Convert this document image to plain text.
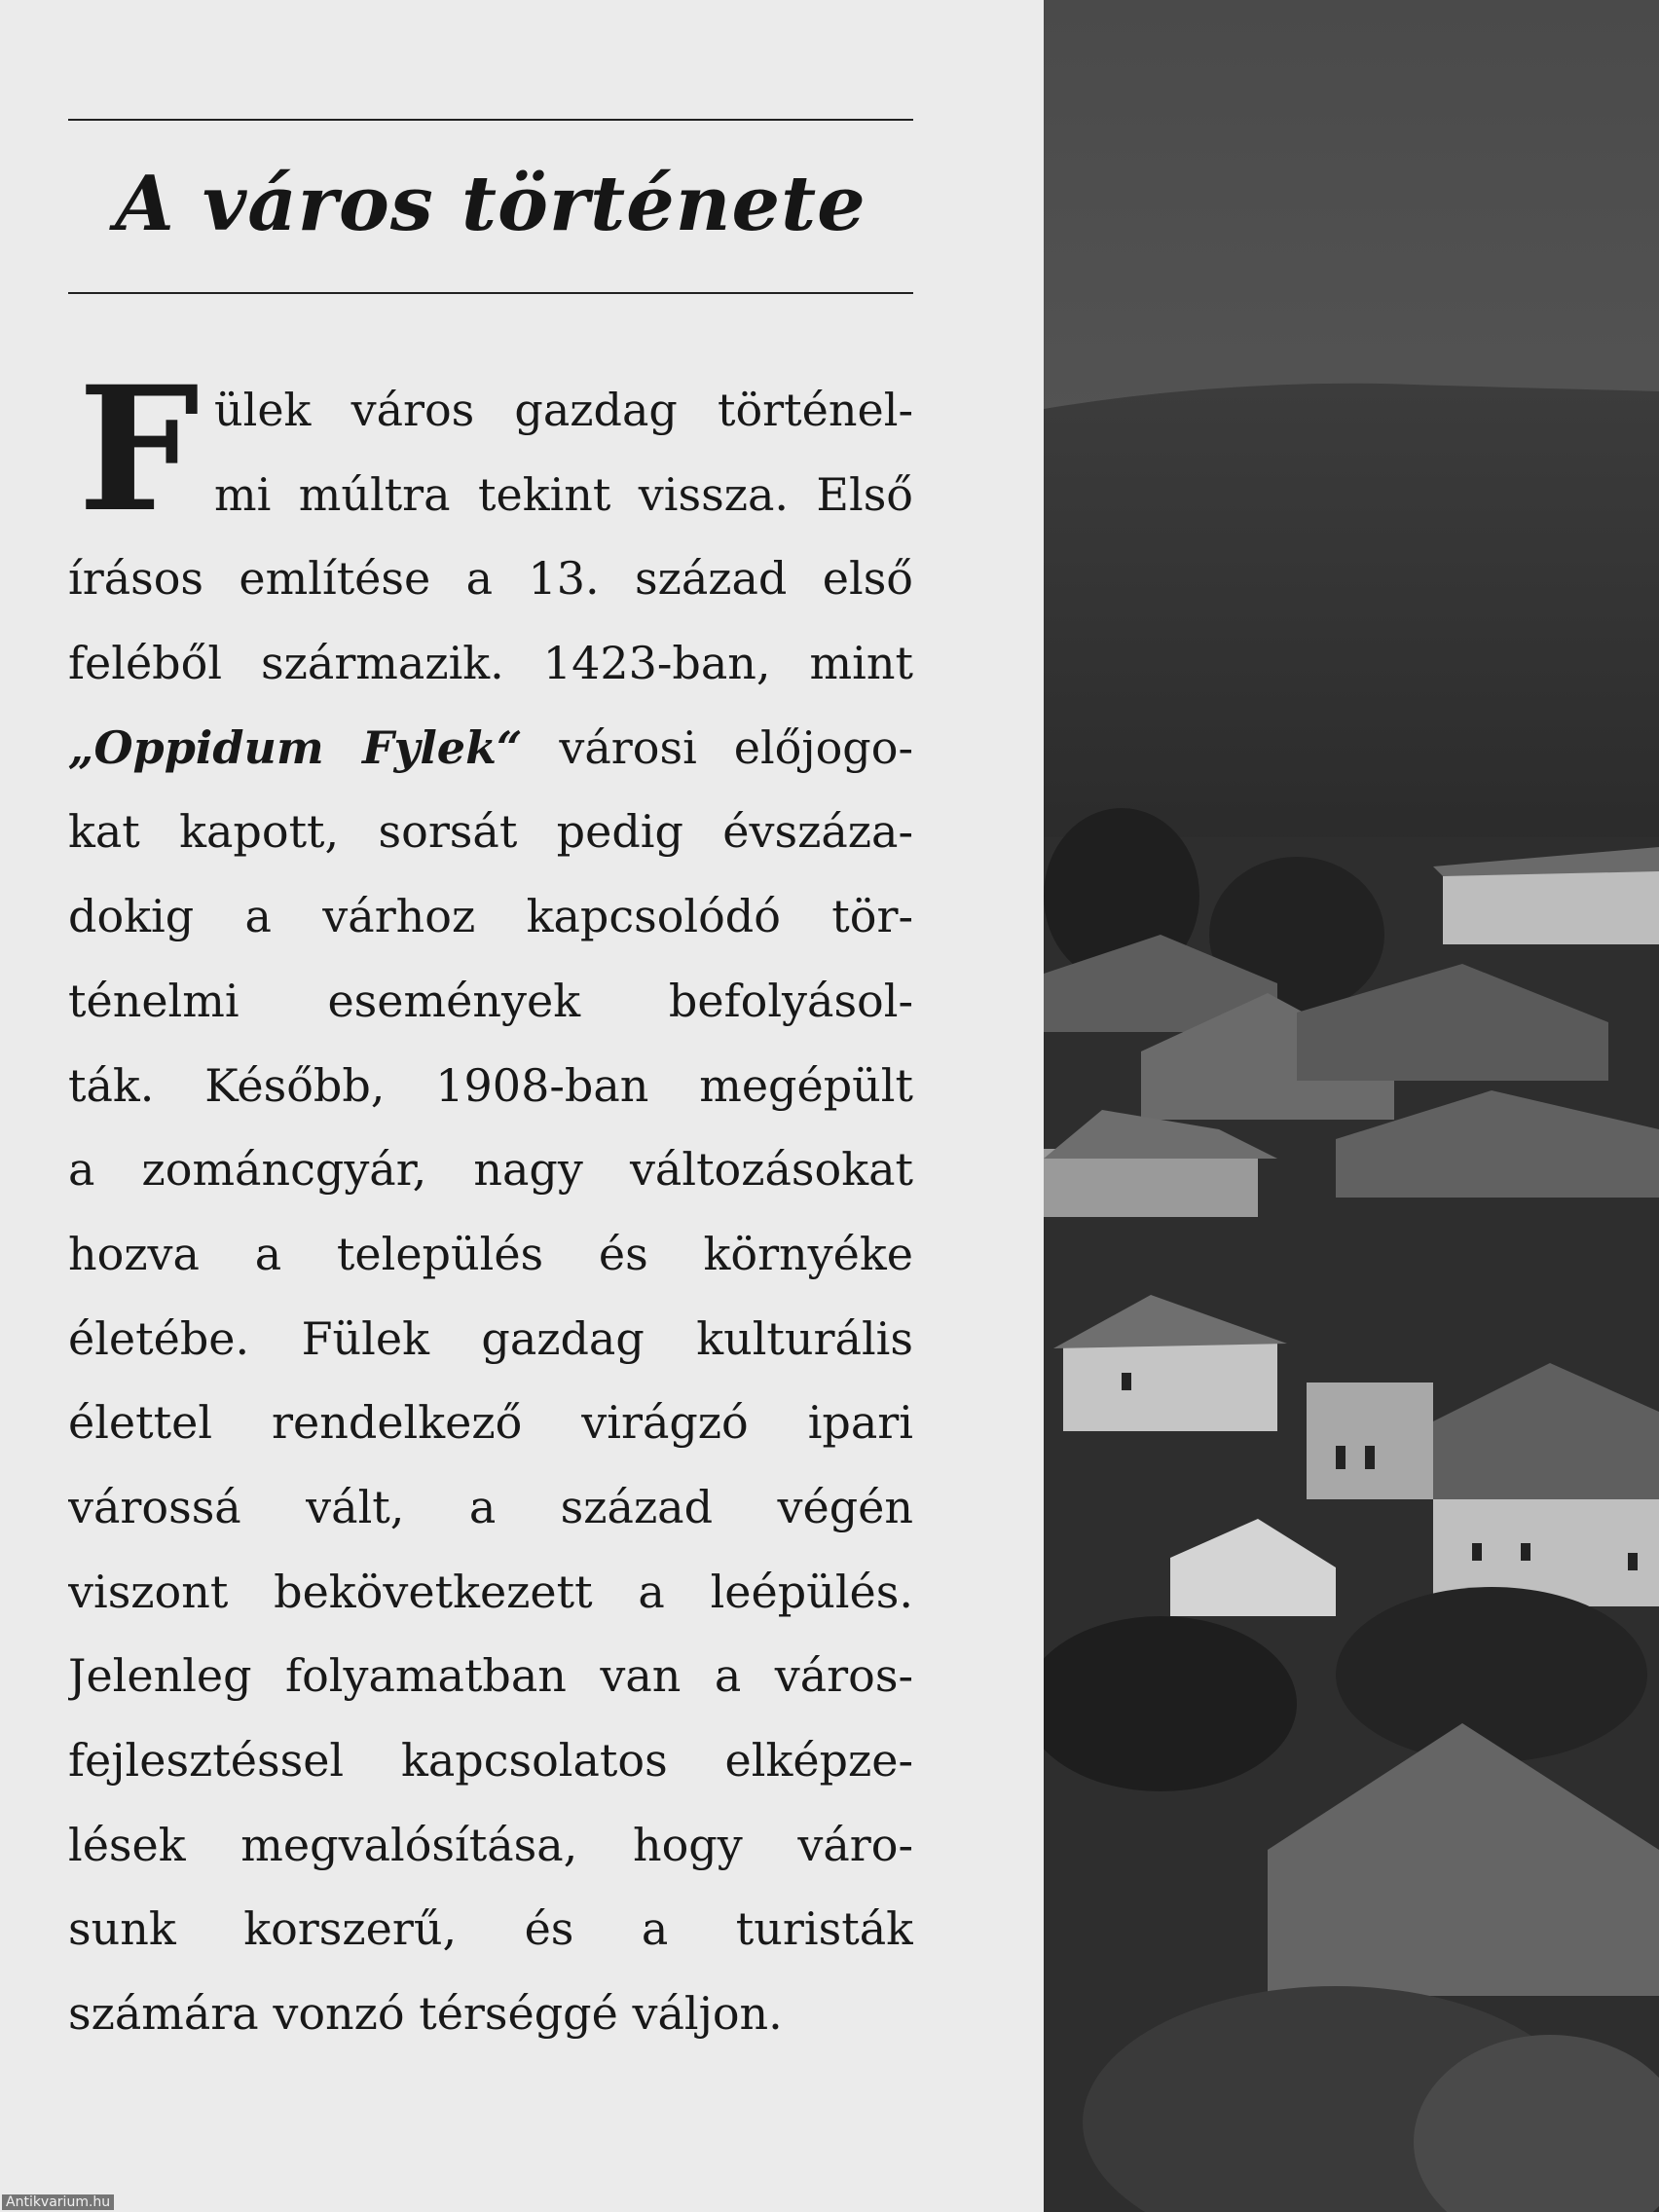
A város története
F ülek város gazdag történel-
mi múltra tekint vissza. Első
írásos említése a 13. század első
feléből származik. 1423-ban, mint
„Oppidum Fylek“ városi előjogo-
kat kapott, sorsát pedig évszáza-
dokig a várhoz kapcsolódó tör-
ténelmi események befolyásol-
ták. Később, 1908-ban megépült
a zománcgyár, nagy változásokat
hozva a település és környéke
életébe. Fülek gazdag kulturális
élettel rendelkező virágzó ipari
várossá vált, a század végén
viszont bekövetkezett a leépülés.
Jelenleg folyamatban van a város-
fejlesztéssel kapcsolatos elképze-
lések megvalósítása, hogy váro-
sunk korszerű, és a turisták
számára vonzó térséggé váljon.
Antikvarium.hu
